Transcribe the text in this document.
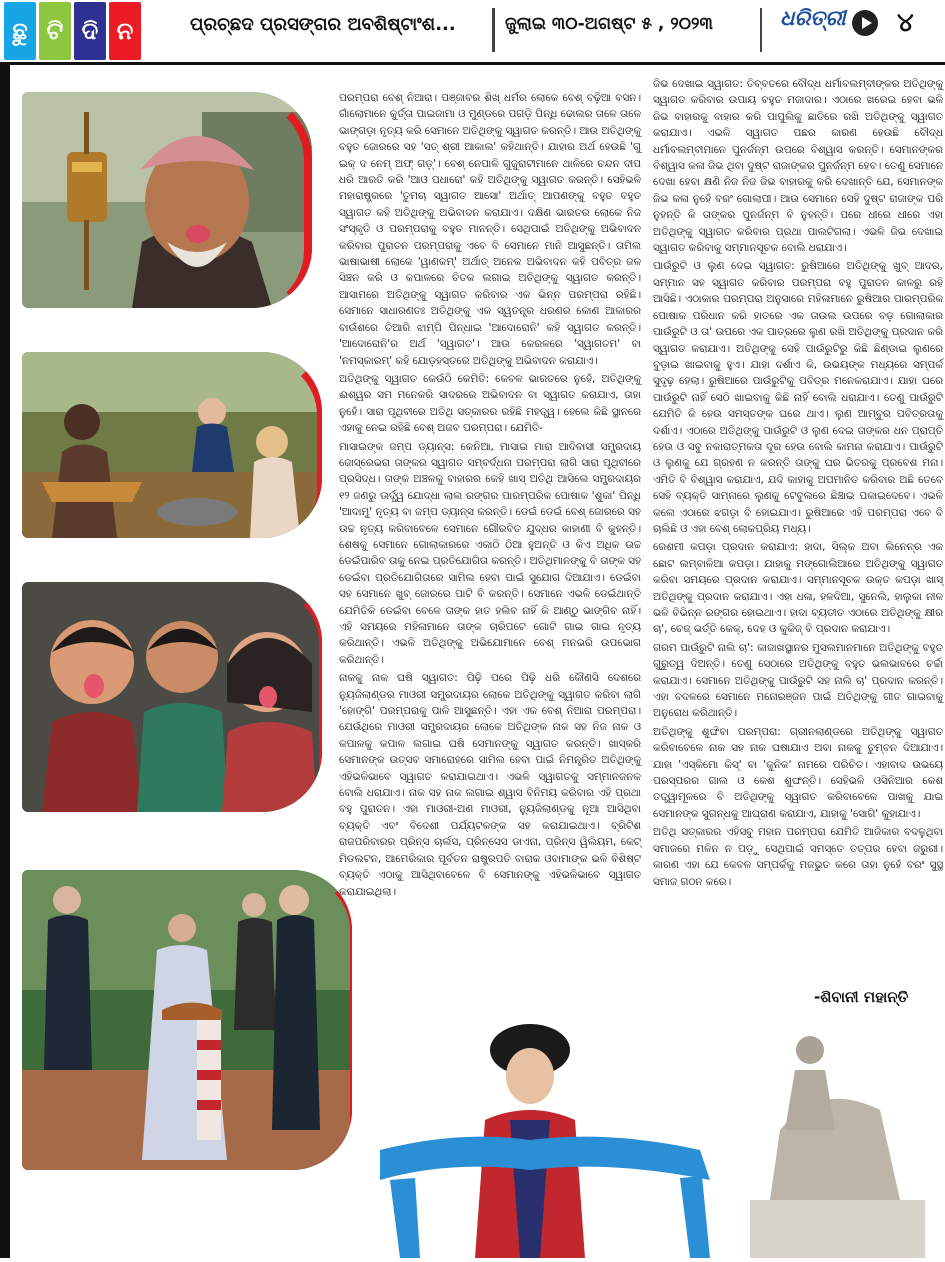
ଛୁ ଟି ଦି ନ	ପ୍ରଚ୍ଛଦ ପ୍ରସଙ୍ଗର ଅବଶିଷ୍ଟାଂଶ...	ଜୁଲାଇ ୩୦-ଅଗଷ୍ଟ ୫ , ୨୦୨୩	ଧରିତ୍ରୀ ୪

ପରମ୍ପରା ବେଶ୍ ନିଆରା। ପଞ୍ଜାବର ଶିଖ୍ ଧର୍ମର ଲୋକେ ବେଶ୍ ବଢ଼ିଆ ବସନ। ଗାଁଲୋମାନେ କୁର୍ତ୍ତା ପାଇଜାମା ଓ ମୁଣ୍ଡରେ ପଗଡ଼ି ପିନ୍ଧି ଢୋଲର ତାଳେ ତାଳେ ଭାଙ୍ଗଡ଼ା ନୃତ୍ୟ କରି ସେମାନେ ଅତିଥିଙ୍କୁ ସ୍ୱାଗତ କରନ୍ତି। ଆଉ ଅତିଥିଙ୍କୁ ବହୁତ ଜୋରରେ ସହ 'ସତ୍ ଶ୍ରୀ ଆକାଲ' କହିଥାନ୍ତି। ଯାହାର ଅର୍ଥ ହେଉଛି 'ଗୁ ଇକ୍ ଦ ନେମ୍ ଅଫ୍ ଗଡ଼୍'। ବେଶ୍ ନେପାଳି ଗୁଜୁରାଟୀମାନେ ଥାଳିରେ ଚନ୍ଦନ ଦୀପ ଧରି ଆରତି କରି 'ଆଓ ପଧାରୋ' କହି ଅତିଥିଙ୍କୁ ସ୍ୱାଗତ କରନ୍ତି। ସେହିଭଳି ମହାରାଷ୍ଟ୍ରରେ 'ତୁମଚା ସ୍ୱାଗତ ଆସୋ' ଅର୍ଥାତ୍ ଆପଣଙ୍କୁ ବହୁତ ବହୁତ ସ୍ୱାଗତ କହି ଅତିଥିଙ୍କୁ ଅଭିବାଦନ କରାଯାଏ। ଦକ୍ଷିଣ ଭାରତର ଲୋକେ ନିଜ ସଂସ୍କୃତି ଓ ପରମ୍ପରାକୁ ବହୁତ ମାନନ୍ତି। ସେଥିପାଇଁ ଅତିଥିଙ୍କୁ ଅଭିବାଦନ କରିବାର ପୁରାତନ ପରମ୍ପରାକୁ ଏବେ ବି ସେମାନେ ମାନି ଆସୁଛନ୍ତି। ତାମିଲ ଭାଷାଭାଷୀ ଲୋକେ 'ୱାଣକମ୍' ଅର୍ଥାତ୍ ଅନେକ ଅଭିବାଦନ କହି ପବିତ୍ର ଜଳ ସିଞ୍ଚନ କରି ଓ କପାଳରେ ଚିତକ ଲଗାଇ ଅତିଥିଙ୍କୁ ସ୍ୱାଗତ କରନ୍ତି। ଆସାମରେ ଅତିଥିଙ୍କୁ ସ୍ୱାଗତ କରିବାର ଏକ ଭିନ୍ନ ପରମ୍ପରା ରହିଛି। ସେମାନେ ସାଧାରଣତଃ ଅତିଥିଙ୍କୁ ଏକ ସ୍ୱତନ୍ତ୍ର ଧରଣର କୋଣ ଆକାରର ବାଉଁଶରେ ତିଆରି ଝାମ୍ପି ପିନ୍ଧାଇ 'ଆଦୋରୋନି' କହି ସ୍ୱାଗତ କରନ୍ତି। 'ଆଦୋରୋନି'ର ଅର୍ଥ 'ସ୍ୱାଗତ'। ଆଉ କେରଳରେ 'ସ୍ୱାଗତମ' ବା 'ନମସ୍କାରମ୍' କହି ଯୋଡ଼ହସ୍ତରେ ଅତିଥିଙ୍କୁ ଅଭିବାଦନ କରାଯାଏ।

ଅତିଥିଙ୍କୁ ସ୍ୱାଗତ କେଉଁଠି କେମିତି: କେବଳ ଭାରତରେ ନୁହେଁ, ଅତିଥିଙ୍କୁ ଈଶ୍ୱର ସମ ମନେକରି ସାଦରରେ ଅଭିବାଦନ ବା ସ୍ୱାଗତ କରାଯାଏ, ତାହା ନୁହେଁ। ସାରା ପୃଥିବୀରେ ଅତିଥି ସତ୍କାରର ରହିଛି ମହତ୍ତ୍ୱ। ହେଲେ କିଛି ସ୍ଥାନରେ ଏହାକୁ ନେଇ ରହିଛି ବେଶ୍ ଅଜବ ପରମ୍ପରା। ଯେମିତି-

ମାସାଇଙ୍କ ଜମ୍ପ ଡ୍ୟାନ୍ସ: କେନିଆ, ମାସାଇ ମାରା ଆଦିବାସୀ ସମ୍ପ୍ରଦାୟ ଜୋସ୍‌ରେଭରା ତାଙ୍କର ସ୍ୱାଗତ ସମ୍ବର୍ଦ୍ଧନା ପରମ୍ପରା ଲାଗି ସାରା ପୃଥିବୀରେ ପ୍ରସିଦ୍ଧ। ତାଙ୍କ ଅଞ୍ଚଳକୁ ବାହାରର କେହି ଖାସ୍ ଅତିଥି ଆସିଲେ ସମ୍ପ୍ରଦାୟର ୧୨ ଜଣରୁ ଊର୍ଦ୍ଧ୍ୱ ଯୋଦ୍ଧା ଲାଲ ରଙ୍ଗର ପାରମ୍ପରିକ ପୋଷାକ 'ଶୁକା' ପିନ୍ଧି 'ଆଦାମୁ' ନୃତ୍ୟ ବା ଜମ୍ପ ଡ୍ୟାନ୍ସ କରନ୍ତି। ଡେଇଁ ଡେଇଁ ବେଶ୍ ଜୋରରେ ସହ ଉଚ୍ଚ ନୃତ୍ୟ କରିବାବେଳେ ସେମାନେ ଗୌରବିତ ଯୁଦ୍ଧର କାହାଣୀ ବି କୁହନ୍ତି। ଶେଷକୁ ସେମାନେ ଗୋଲାକାରରେ ଏକାଠି ଠିଆ ହୁଅନ୍ତି ଓ କିଏ ଅଧିକ ଉଚ୍ଚ ଡେଇଁପାରିବ ତାକୁ ନେଇ ପ୍ରତିଯୋଗିତା କରନ୍ତି। ଅତିଥିମାନଙ୍କୁ ବି ତାଙ୍କ ସହ ଡେଇଁବା ପ୍ରତିଯୋଗିତାରେ ସାମିଲ ହେବା ପାଇଁ ସୁଯୋଗ ଦିଆଯାଏ। ଡେଇଁବା ସହ ସେମାନେ ଖୁବ୍ ଜୋରରେ ପାଟି ବି କରନ୍ତି। ସେମାନେ ଏଭଳି ଡେଇଁଥାନ୍ତି ଯେମିତିକି ଡେଇଁବା ବେଳେ ତାଙ୍କ ହାତ ହଲିବ ନାହିଁ କି ଆଣ୍ଠୁ ଭାଙ୍ଗିବ ନାହିଁ। ଏହି ସମୟରେ ମହିଳାମାନେ ତାଙ୍କ ଚାରିପଟେ ଗୋଟି ଗାଇ ଗାଇ ନୃତ୍ୟ କରିଥାନ୍ତି। ଏଭଳି ଅତିଥିଙ୍କୁ ଅଭିଯୋମାନେ ବେଶ୍ ମନଭରି ଉପଭୋଗ କରିଥାନ୍ତି।

ନାକକୁ ନାକ ଘଷି ସ୍ୱାଗତ: ପିଢ଼ି ପରେ ପିଢ଼ି ଧରି କୌଣସି ଦେଶରେ ନ୍ୟୁଜିଲାଣ୍ଡର ମାଓରୀ ସମ୍ପ୍ରଦାୟର ଲୋକେ ଅତିଥିଙ୍କୁ ସ୍ୱାଗତ କରିବା ଲାଗି 'ହୋଙ୍ଗି' ପରମ୍ପରାକୁ ପାଳି ଆସୁଛନ୍ତି। ଏହା ଏକ ବେଶ୍ ନିଆରା ପରମ୍ପରା। ଯେଉଁଥିରେ ମାଓରୀ ସମ୍ପ୍ରଦାୟର ଲୋକେ ଅତିଥିଙ୍କ ନାକ ସହ ନିଜ ନାକ ଓ କପାଳକୁ କପାଳ ଲଗାଇ ଘଷି ସେମାନଙ୍କୁ ସ୍ୱାଗତ କରନ୍ତି। ଖାସ୍‌କରି ସେମାନଙ୍କ ଉତ୍ସବ ସମାରୋହରେ ସାମିଲ ହେବା ପାଇଁ ନିମନ୍ତ୍ରିତ ଅତିଥିଙ୍କୁ ଏହିଭଳିଭାବେ ସ୍ୱାଗତ କରାଯାଇଥାଏ। ଏଭଳି ସ୍ୱାଗତକୁ ସମ୍ମାନଜନକ ବୋଲି ଧରାଯାଏ। ନାକ ସହ ନାକ ଲଗାଇ ଶ୍ୱାସ ବିନିମୟ କରିବାର ଏହି ପ୍ରଥା ବହୁ ପୁରାତନ। ଏହା ମାଓରୀ-ଅଣ ମାଓରୀ, ନ୍ୟୁଜିଲାଣ୍ଡକୁ ନୂଆ ଆସିଥିବା ବ୍ୟକ୍ତି ଏବଂ ବିଦେଶୀ ପର୍ଯ୍ୟଟକଙ୍କ ସହ କରାଯାଇଥାଏ। ବ୍ରିଟିଶ ରାଜପରିବାରର ପ୍ରିନ୍ସ ଚାର୍ଲସ, ପ୍ରିନ୍ସେସ ଡାଏନା, ପ୍ରିନ୍ସ ୱିଲିୟମ, କେଟ୍ ମିଡଲଟନ, ଆମେରିକାର ପୂର୍ବତନ ରାଷ୍ଟ୍ରପତି ବାରାକ ଓବାମାଙ୍କ ଭଳି ବିଶିଷ୍ଟ ବ୍ୟକ୍ତି ଏଠାକୁ ଆସିଥିବାବେଳେ ବି ସେମାନଙ୍କୁ ଏହିଭଳିଭାବେ ସ୍ୱାଗତ କରାଯାଇଥିଲା।

ଜିଭ ଦେଖାଇ ସ୍ୱାଗତ: ତିବ୍ବତରେ ବୌଦ୍ଧ ଧର୍ମାବଲମ୍ବୀଙ୍କର ଅତିଥିଙ୍କୁ ସ୍ୱାଗତ କରିବାର ଉପାୟ ବହୁତ ମଜାଦାର। ଏଠାରେ ଖରେଇ ହେବା ଭଳି ଜିଭ ବାହାରକୁ ବାହାର କରି ପାପୁଲିକୁ ଛାତିରେ ରଖି ଅତିଥିଙ୍କୁ ସ୍ୱାଗତ କରାଯାଏ। ଏଭଳି ସ୍ୱାଗତ ପଛର କାରଣ ହେଉଛି ବୌଦ୍ଧ ଧର୍ମାବଲମ୍ବୀମାନେ ପୁନର୍ଜନ୍ମ ଉପରେ ବିଶ୍ୱାସ କରନ୍ତି। ସେମାନଙ୍କର ବିଶ୍ୱାସ କଳା ଜିଭ ଥିବା ଦୁଷ୍ଟ ରାଜାଙ୍କର ପୁନର୍ଜନ୍ମ ହେବ। ତେଣୁ ସେମାନେ ଦେଖା ହେବା କ୍ଷଣି ନିଜ ନିଜ ଜିଭ ବାହାରକୁ କରି ଦେଖାନ୍ତି ଯେ, ସେମାନଙ୍କ ଜିଭ କଳା ନୁହେଁ ବରଂ ଗୋଲାପୀ। ଆଉ ସେମାନେ ସେହି ଦୁଷ୍ଟ ରାଜାଙ୍କ ପରି ନୁହନ୍ତି କି ତାଙ୍କର ପୁନର୍ଜନ୍ମ ବି ନୁହନ୍ତି। ପରେ ଧୀରେ ଧୀରେ ଏହା ଅତିଥିଙ୍କୁ ସ୍ୱାଗତ କରିବାର ପ୍ରଥା ପାଲଟିଗଲା। ଏଭଳି ଜିଭ ଦେଖାଇ ସ୍ୱାଗତ କରିବାକୁ ସମ୍ମାନସୂଚକ ବୋଲି ଧରାଯାଏ।

ପାଉଁରୁଟି ଓ ଲୁଣ ଦେଇ ସ୍ୱାଗତ: ରୁଷିଆରେ ଅତିଥିଙ୍କୁ ଖୁବ୍ ଆଦର, ସମ୍ମାନ ସହ ସ୍ୱାଗତ କରିବାର ପରମ୍ପରା ବହୁ ପୁରାତନ କାଳରୁ ରହି ଆସିଛି। ଏଠାକାର ପରମ୍ପରା ଅନୁସାରେ ମହିଳାମାନେ ରୁଷିଆର ପାରମ୍ପରିକ ପୋଷାକ ପରିଧାନ କରି ହାତରେ ଏକ ତାଉଲ ଉପରେ ବଡ଼ ଗୋଲାକାର ପାଉଁରୁଟି ଓ ତା' ଉପରେ ଏକ ପାତ୍ରରେ ଲୁଣ ରଖି ଅତିଥିଙ୍କୁ ପ୍ରଦାନ କରି ସ୍ୱାଗତ କରାଯାଏ। ଅତିଥିଙ୍କୁ ସେହି ପାଉଁରୁଟିରୁ କିଛି ଛିଣ୍ଡାଇ ଲୁଣରେ ବୁଡ଼ାଇ ଖାଇବାକୁ ହୁଏ। ଯାହା ଦର୍ଶାଏ କି, ଉଭୟଙ୍କ ମଧ୍ୟରେ ସମ୍ପର୍କ ସୁଦୃଢ଼ ହେଲା। ରୁଷିଆରେ ପାଉଁରୁଟିକୁ ପବିତ୍ର ମନେକରାଯାଏ। ଯାହା ଘରେ ପାଉଁରୁଟି ନାହିଁ ସେଠି ଖାଇବାକୁ କିଛି ନାହିଁ ବୋଲି ଧରାଯାଏ। ତେଣୁ ପାଉଁରୁଟି ଯେମିତି କି ହେଉ ସମସ୍ତଙ୍କ ଘରେ ଥାଏ। ଲୁଣ ଆମ୍ବୁର ପବିତ୍ରତାକୁ ଦର୍ଶାଏ। ଏଠାରେ ଅତିଥିଙ୍କୁ ପାଉଁରୁଟି ଓ ଲୁଣ ଦେଇ ତାଙ୍କର ଧନ ପ୍ରାପ୍ତି ହେଉ ଓ ସବୁ ନକାରାତ୍ମକତା ଦୂର ହେଉ ବୋଲି କାମନା କରାଯାଏ। ପାଉଁରୁଟି ଓ ଲୁଣକୁ ଯେ ଗ୍ରହଣ ନ କରନ୍ତି ତାଙ୍କୁ ଘର ଭିତରକୁ ପ୍ରବେଶ ମନା। ଏମିତି ବି ବିଶ୍ୱାସ କରାଯାଏ, ଯଦି କାହାକୁ ଅପମାନିତ କରିବାର ଅଛି ତେବେ ସେହି ବ୍ୟକ୍ତି ସାମ୍ନାରେ ଲୁଣକୁ ଟେବୁଲରେ ଛିଞ୍ଚାଇ ପକାଇଦେବେ। ଏଭଳି କଲେ ଏଠାରେ ଝଗଡ଼ା ବି ହୋଇଯାଏ। ରୁଷିଆରେ ଏହି ପରମ୍ପରା ଏବେ ବି ଚାଲିଛି ଓ ଏହା ବେଶ୍ ଲୋକପ୍ରିୟ ମଧ୍ୟ।

ରେଶମୀ କପଡ଼ା ପ୍ରଦାନ କରାଯାଏ: ହାଦା, ସିଲ୍କ ଅବା ଲିନେନ୍‌ର ଏକ ଛୋଟ ଲମ୍ବାଳିଆ କପଡ଼ା। ଯାହାକୁ ମଙ୍ଗୋଲିଆରେ ଅତିଥିଙ୍କୁ ସ୍ୱାଗତ କରିବା ସମୟରେ ପ୍ରଦାନ କରାଯାଏ। ସମ୍ମାନସୂଚକ ଉକ୍ତ କପଡ଼ା ଖାସ୍ ଅତିଥିଙ୍କୁ ପ୍ରଦାନ କରାଯାଏ। ଏହା ଧଳା, ହଳଦିଆ, ସୁନେଲି, ହାଲୁକା ନୀଳ ଭଳି ବିଭିନ୍ନ ରଙ୍ଗର ହୋଇଥାଏ। ହାଦା ବ୍ୟତୀତ ଏଠାରେ ଅତିଥିଙ୍କୁ କ୍ଷୀର ଚା', ଚେଜ୍ ଭର୍ତ୍ତି କେକ୍, ଦେହ ଓ କୁକିଜ୍ ବି ପ୍ରଦାନ କରାଯାଏ।

ଗରମ ପାଉଁରୁଟି ନାଲି ଚା': କାଜାଖସ୍ଥାନର ମୁସଲମାନମାନେ ଅତିଥିଙ୍କୁ ବହୁତ ଗୁରୁତ୍ୱ ଦିଅନ୍ତି। ତେଣୁ ସେଠାରେ ଅତିଥିଙ୍କୁ ବହୁତ ଭଲଭାବରେ ଚର୍ଚ୍ଚା କରାଯାଏ। ସେମାନେ ଅତିଥିଙ୍କୁ ପାଉଁରୁଟି ସହ ନାଲି ଚା' ପ୍ରଦାନ କରନ୍ତି। ଏହା ବଦଳରେ ସେମାନେ ମନୋରଞ୍ଜନ ପାଇଁ ଅତିଥିଙ୍କୁ ଗୀତ ଗାଇବାକୁ ଅନୁରୋଧ କରିଥାନ୍ତି।

ଅତିଥିଙ୍କୁ ଶୁଙ୍ଘିବା ପରମ୍ପରା: ଗ୍ରୀନଲାଣ୍ଡରେ ଅତିଥିଙ୍କୁ ସ୍ୱାଗତ କରିବାବେଳେ ନାକ ସହ ନାକ ଘଷାଯାଏ ଅବା ନାକକୁ ଚୁମ୍ବନ ଦିଆଯାଏ। ଯାହା 'ଏସ୍କିମୋ କିସ୍' ବା 'କୁନିକ' ନାମରେ ପରିଚିତ। ଏହାବାଦ ଉଭୟେ ପରସ୍ପରର ଗାଲ ଓ କେଶ ଶୁଙ୍ଘନ୍ତି। ସେହିଭଳି ଓସିନିଆର କେଶ ତତ୍ତ୍ୱାମୂଳରେ ବି ଅତିଥିଙ୍କୁ ସ୍ୱାଗତ କରିବାବେଳେ ପାଖକୁ ଯାଇ ସେମାନଙ୍କ ସୁଗନ୍ଧକୁ ଆଘ୍ରାଣ କରାଯାଏ, ଯାହାକୁ 'ସୋଗି' କୁହାଯାଏ।

ଅତିଥି ସତ୍କାରର ଏହିସବୁ ମହାନ ପରମ୍ପରା ଯେମିତି ଆଜିକାର ବଦଳୁଥିବା ସମାଜରେ ମଳିନ ନ ପଡ଼ୁ ସେଥିପାଇଁ ସମସ୍ତେ ତତ୍ପର ହେବା ଜରୁରୀ। କାରଣ ଏହା ଯେ କେବଳ ସମ୍ପର୍କକୁ ମଜଭୁତ କରେ ତାହା ନୁହେଁ ବରଂ ସୁସ୍ଥ ସମାଜ ଗଠନ କରେ।

-ଶିବାନୀ ମହାନ୍ତି
